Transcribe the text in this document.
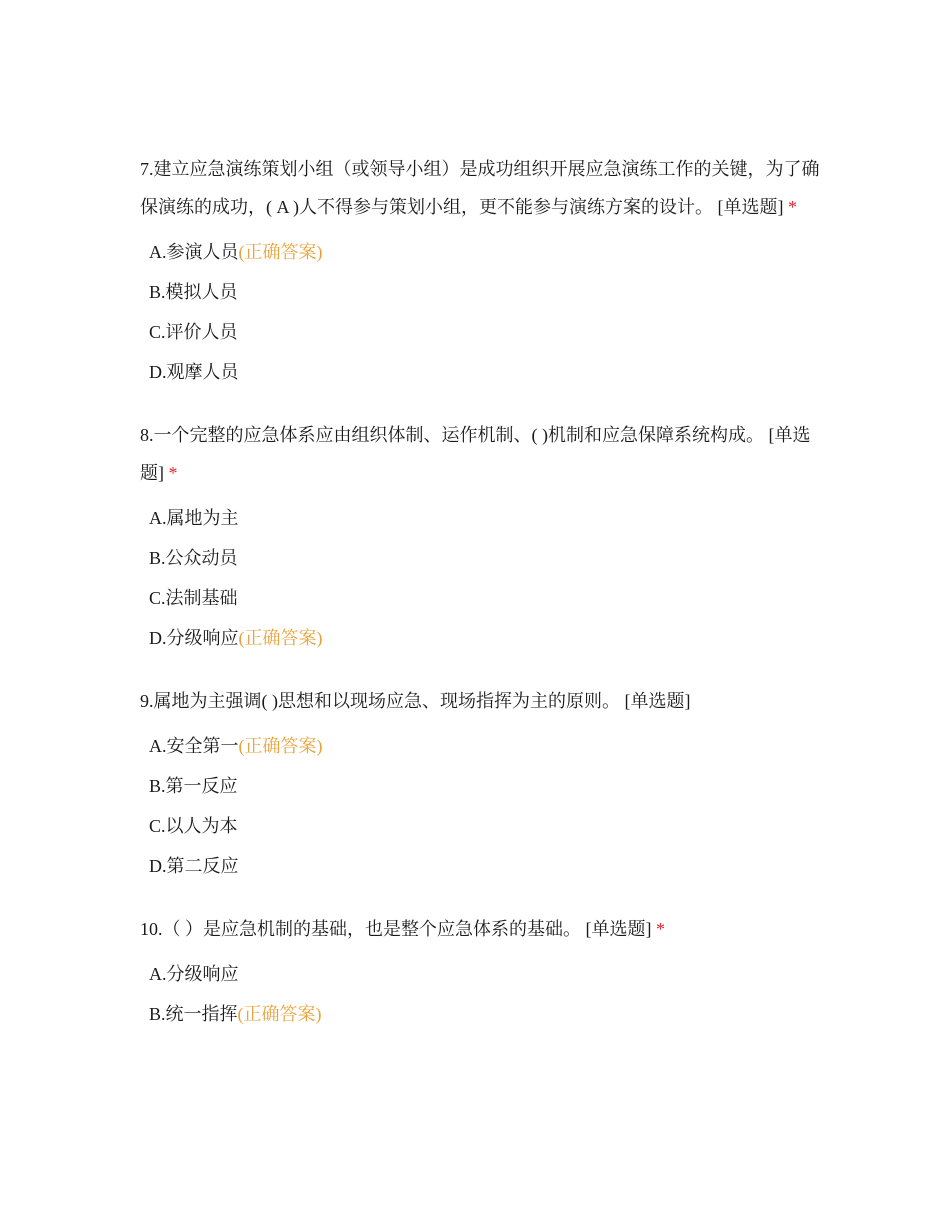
7.建立应急演练策划小组（或领导小组）是成功组织开展应急演练工作的关键，为了确保演练的成功，( A )人不得参与策划小组，更不能参与演练方案的设计。 [单选题] *

A.参演人员(正确答案)
B.模拟人员
C.评价人员
D.观摩人员

8.一个完整的应急体系应由组织体制、运作机制、( )机制和应急保障系统构成。 [单选题] *

A.属地为主
B.公众动员
C.法制基础
D.分级响应(正确答案)

9.属地为主强调( )思想和以现场应急、现场指挥为主的原则。 [单选题]

A.安全第一(正确答案)
B.第一反应
C.以人为本
D.第二反应

10.（ ）是应急机制的基础，也是整个应急体系的基础。 [单选题] *

A.分级响应
B.统一指挥(正确答案)
